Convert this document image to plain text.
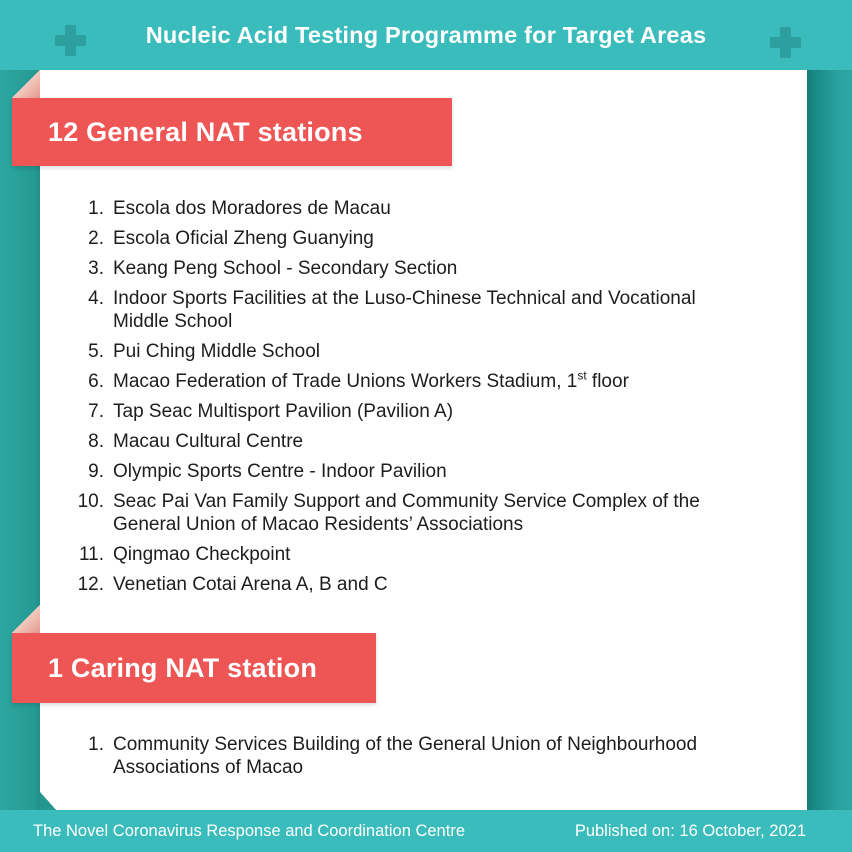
Nucleic Acid Testing Programme for Target Areas
12 General NAT stations
1. Escola dos Moradores de Macau
2. Escola Oficial Zheng Guanying
3. Keang Peng School - Secondary Section
4. Indoor Sports Facilities at the Luso-Chinese Technical and Vocational
Middle School
5. Pui Ching Middle School
6. Macao Federation of Trade Unions Workers Stadium, 1st floor
7. Tap Seac Multisport Pavilion (Pavilion A)
8. Macau Cultural Centre
9. Olympic Sports Centre - Indoor Pavilion
10. Seac Pai Van Family Support and Community Service Complex of the
General Union of Macao Residents’ Associations
11. Qingmao Checkpoint
12. Venetian Cotai Arena A, B and C
1 Caring NAT station
1. Community Services Building of the General Union of Neighbourhood
Associations of Macao
The Novel Coronavirus Response and Coordination Centre	Published on: 16 October, 2021
